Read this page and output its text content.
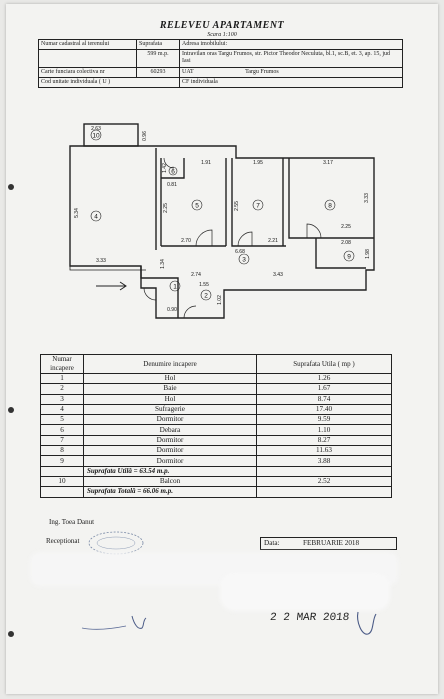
RELEVEU APARTAMENT
Scara 1:100
Numar cadastral al terenului	Suprafata	Adresa imobilului:
	599 m.p.	Intravilan oras Targu Frumos, str. Pictor Theodor Neculuta, bl.1, sc.B, et. 3, ap. 15, jud Iasi
Carte funciara colectiva nr	60293	UAT Targu Frumos
Cod unitate individuala ( U )		CF individuala
10
4
6
5	7	8
3	9
1
2
2.63
0.96
5.34
3.33
1.91
1.42
0.81
2.25
2.70
1.95
2.55
2.21
3.17
3.33
2.25
2.08
1.98
6.68
1.34
2.74	3.43
1.55
1.02
0.90
Numar incapere	Denumire incapere	Suprafata Utila ( mp )
1	Hol	1.26
2	Baie	1.67
3	Hol	8.74
4	Sufragerie	17.40
5	Dormitor	9.59
6	Debara	1.10
7	Dormitor	8.27
8	Dormitor	11.63
9	Dormitor	3.88
	Suprafata Utilă = 63.54 m.p.	
10	Balcon	2.52
	Suprafata Totală = 66.06 m.p.	
Ing. Toea Danut
Receptionat	Data:	FEBRUARIE 2018
2 2 MAR 2018
